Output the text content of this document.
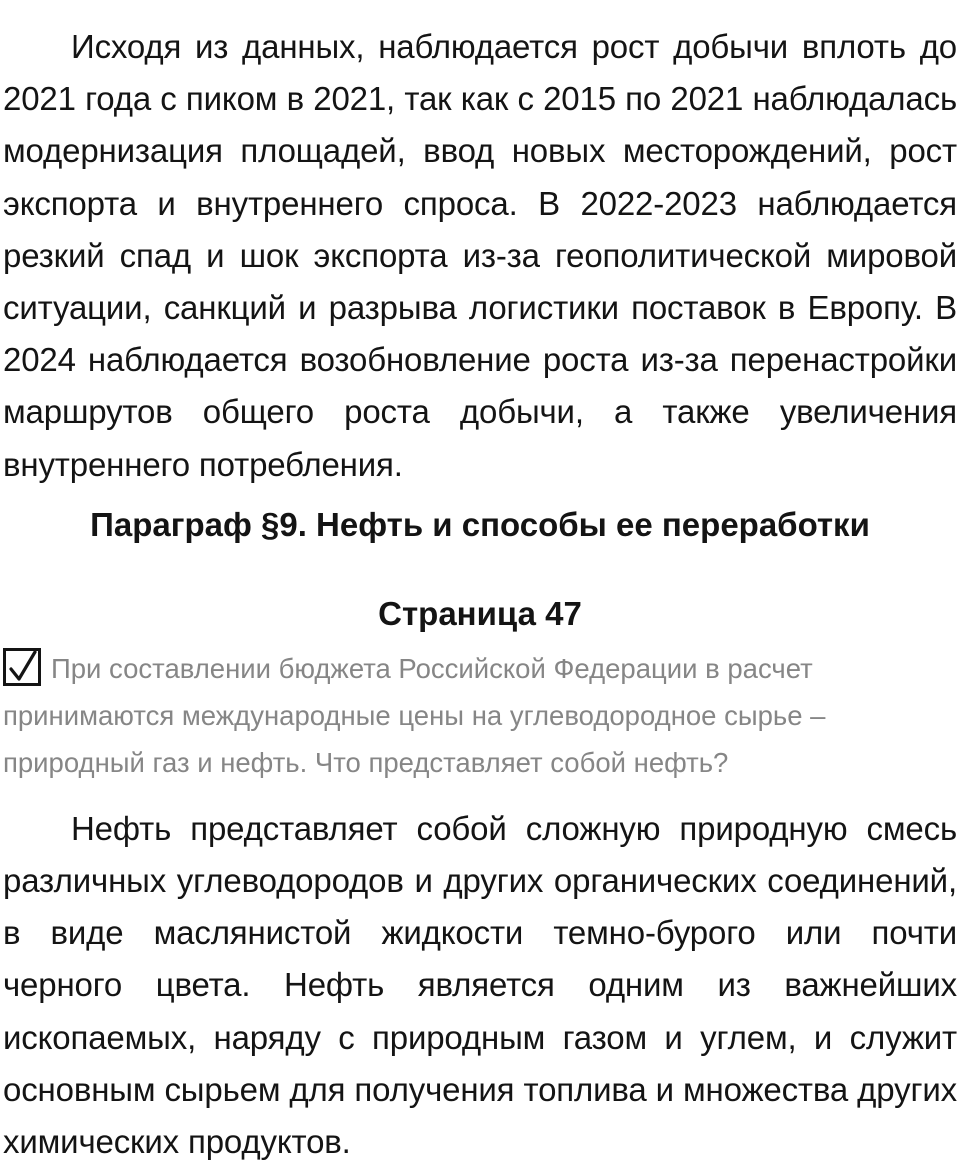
Исходя из данных, наблюдается рост добычи вплоть до 2021 года с пиком в 2021, так как с 2015 по 2021 наблюдалась модернизация площадей, ввод новых месторождений, рост экспорта и внутреннего спроса. В 2022-2023 наблюдается резкий спад и шок экспорта из-за геополитической мировой ситуации, санкций и разрыва логистики поставок в Европу. В 2024 наблюдается возобновление роста из-за перенастройки маршрутов общего роста добычи, а также увеличения внутреннего потребления.

Параграф §9. Нефть и способы ее переработки
Страница 47

При составлении бюджета Российской Федерации в расчет принимаются международные цены на углеводородное сырье – природный газ и нефть. Что представляет собой нефть?

Нефть представляет собой сложную природную смесь различных углеводородов и других органических соединений, в виде маслянистой жидкости темно-бурого или почти черного цвета. Нефть является одним из важнейших ископаемых, наряду с природным газом и углем, и служит основным сырьем для получения топлива и множества других химических продуктов.
